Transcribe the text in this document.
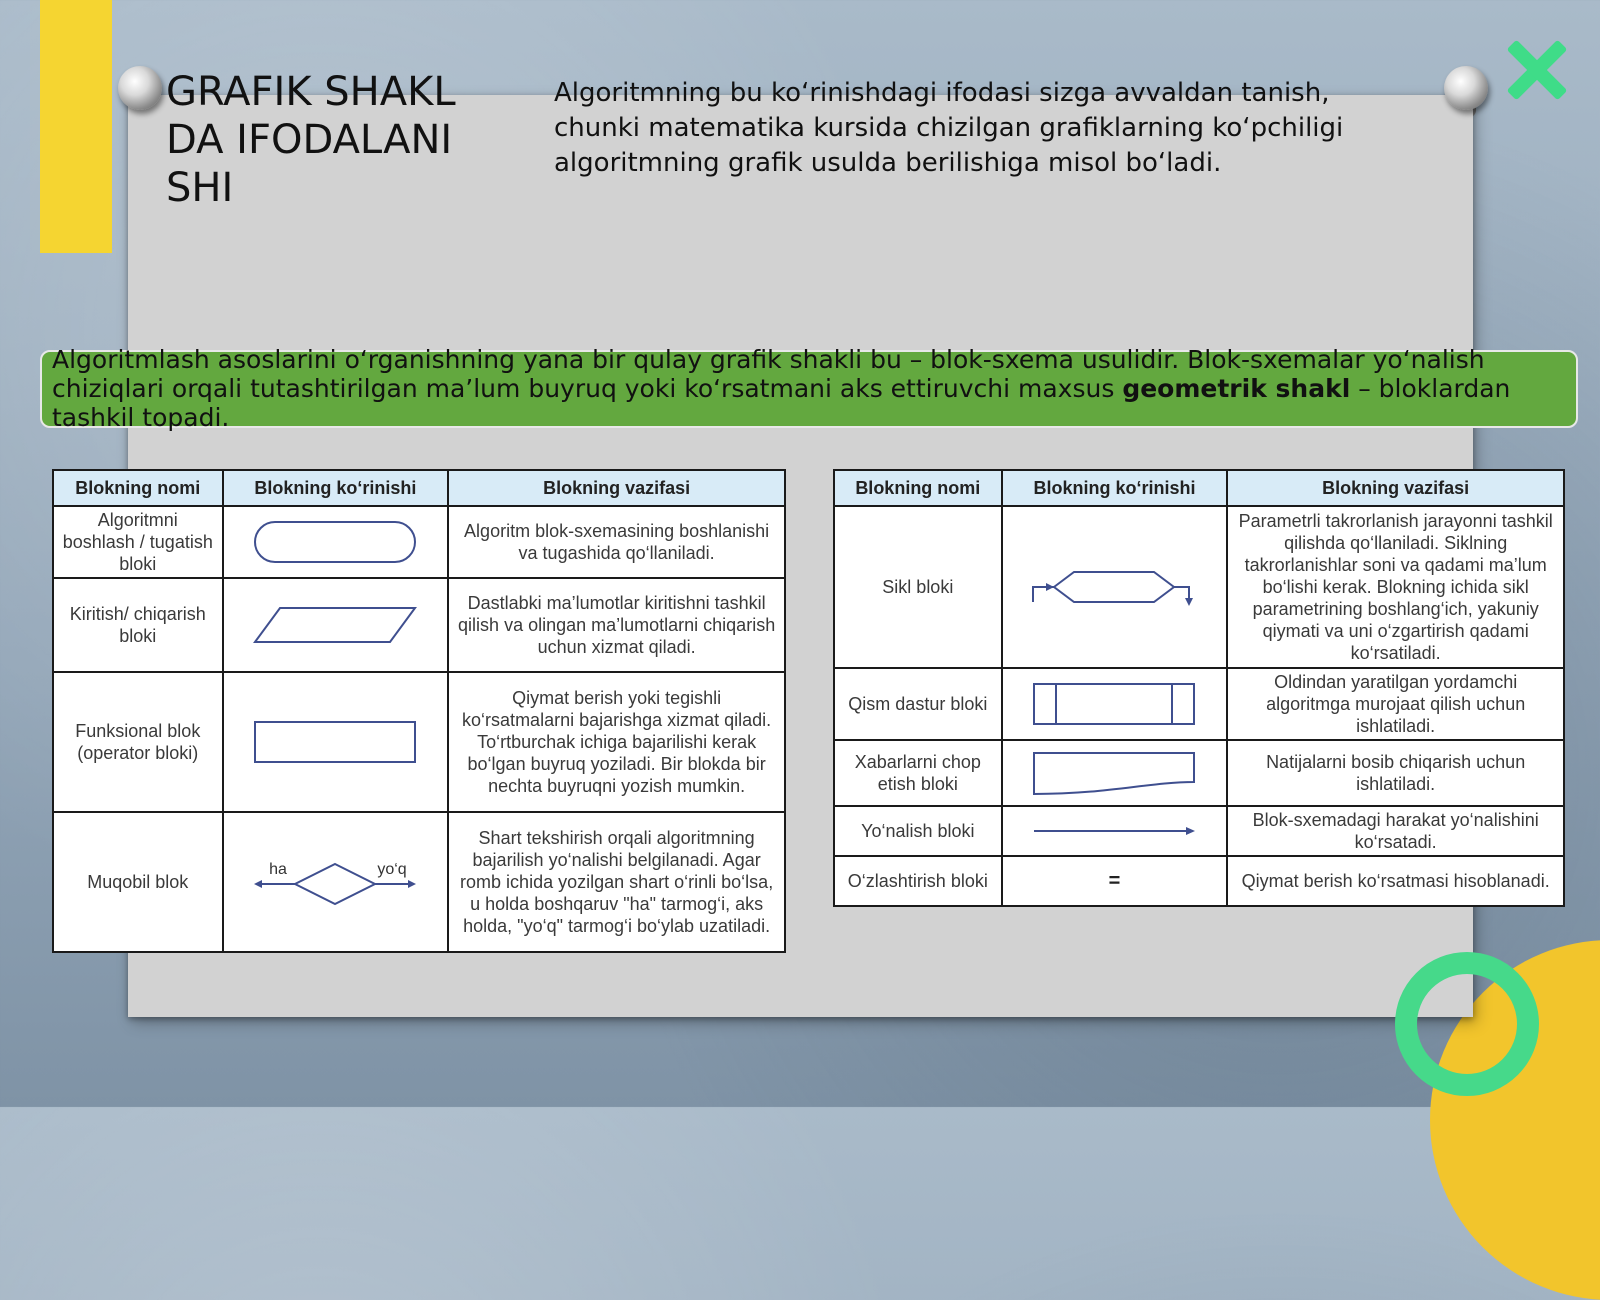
GRAFIK SHAKLDA IFODALANISHI

Algoritmning bu ko‘rinishdagi ifodasi sizga avvaldan tanish, chunki matematika kursida chizilgan grafiklarning ko‘pchiligi algoritmning grafik usulda berilishiga misol bo‘ladi.

Algoritmlash asoslarini o‘rganishning yana bir qulay grafik shakli bu – blok-sxema usulidir. Blok-sxemalar yo‘nalish chiziqlari orqali tutashtirilgan ma’lum buyruq yoki ko‘rsatmani aks ettiruvchi maxsus geometrik shakl – bloklardan tashkil topadi.

Blokning nomi	Blokning ko‘rinishi	Blokning vazifasi
Algoritmni boshlash / tugatish bloki		Algoritm blok-sxemasining boshlanishi va tugashida qo‘llaniladi.
Kiritish/ chiqarish bloki		Dastlabki ma’lumotlar kiritishni tashkil qilish va olingan ma’lumotlarni chiqarish uchun xizmat qiladi.
Funksional blok (operator bloki)		Qiymat berish yoki tegishli ko‘rsatmalarni bajarishga xizmat qiladi. To‘rtburchak ichiga bajarilishi kerak bo‘lgan buyruq yoziladi. Bir blokda bir nechta buyruqni yozish mumkin.
Muqobil blok	ha yo‘q	Shart tekshirish orqali algoritmning bajarilish yo‘nalishi belgilanadi. Agar romb ichida yozilgan shart o‘rinli bo‘lsa, u holda boshqaruv "ha" tarmog‘i, aks holda, "yo‘q" tarmog‘i bo‘ylab uzatiladi.
Blokning nomi	Blokning ko‘rinishi	Blokning vazifasi
Sikl bloki		Parametrli takrorlanish jarayonni tashkil qilishda qo‘llaniladi. Siklning takrorlanishlar soni va qadami ma’lum bo‘lishi kerak. Blokning ichida sikl parametrining boshlang‘ich, yakuniy qiymati va uni o‘zgartirish qadami ko‘rsatiladi.
Qism dastur bloki		Oldindan yaratilgan yordamchi algoritmga murojaat qilish uchun ishlatiladi.
Xabarlarni chop etish bloki		Natijalarni bosib chiqarish uchun ishlatiladi.
Yo‘nalish bloki		Blok-sxemadagi harakat yo‘nalishini ko‘rsatadi.
O‘zlashtirish bloki	=	Qiymat berish ko‘rsatmasi hisoblanadi.
